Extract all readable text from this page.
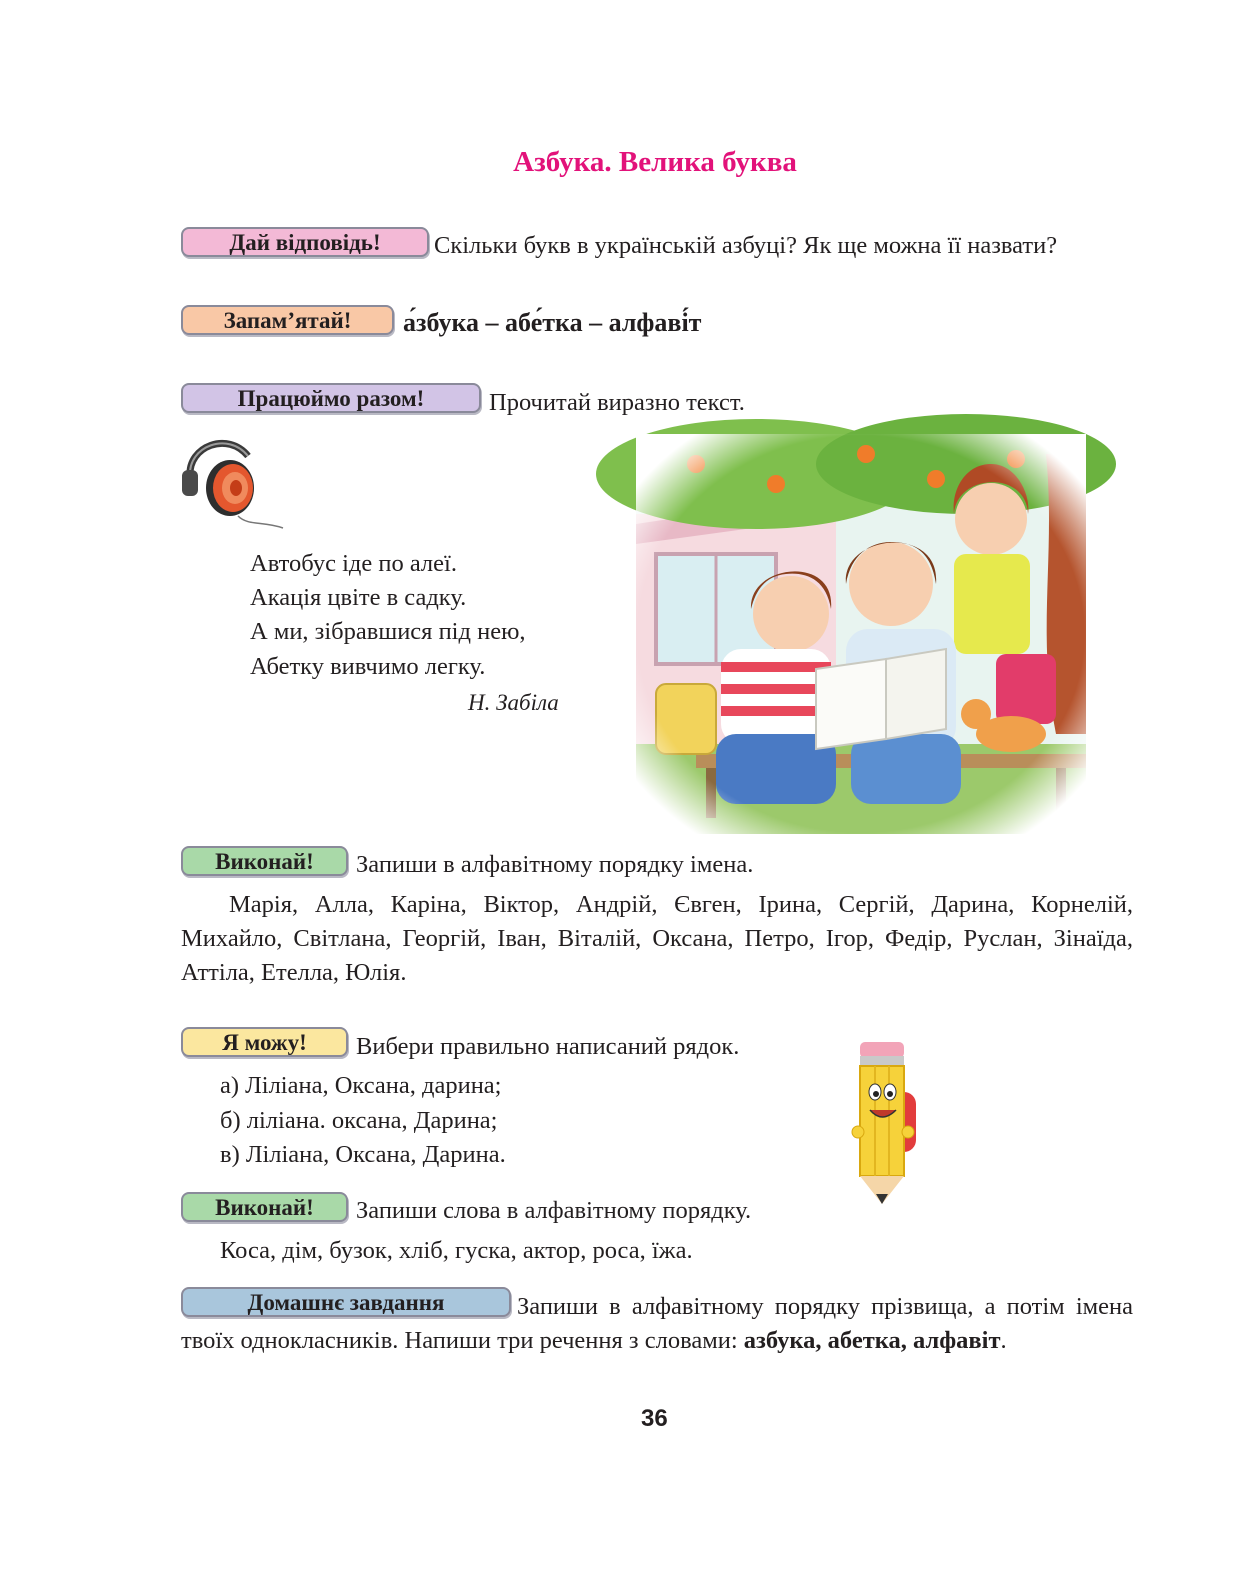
Азбука. Велика буква
Дай відповідь!	Скільки букв в українській азбуці? Як ще можна її назвати?
Запам’ятай!	а́збука – абе́тка – алфаві́т
Працюймо разом!	Прочитай виразно текст.
Автобус іде по алеї.
Акація цвіте в садку.
А ми, зібравшися під нею,
Абетку вивчимо легку.
Н. Забіла
Виконай!	Запиши в алфавітному порядку імена.
Марія, Алла, Каріна, Віктор, Андрій, Євген, Ірина, Сергій, Дарина, Корнелій, Михайло, Світлана, Георгій, Іван, Віталій, Оксана, Петро, Ігор, Федір, Руслан, Зінаїда, Аттіла, Етелла, Юлія.
Я можу!	Вибери правильно написаний рядок.
а) Ліліана, Оксана, дарина;
б) ліліана. оксана, Дарина;
в) Ліліана, Оксана, Дарина.
Виконай!	Запиши слова в алфавітному порядку.
Коса, дім, бузок, хліб, гуска, актор, роса, їжа.
Домашнє завдання	Запиши в алфавітному порядку прізвища, а потім імена твоїх однокласників. Напиши три речення з словами: азбука, абетка, алфавіт.
36
